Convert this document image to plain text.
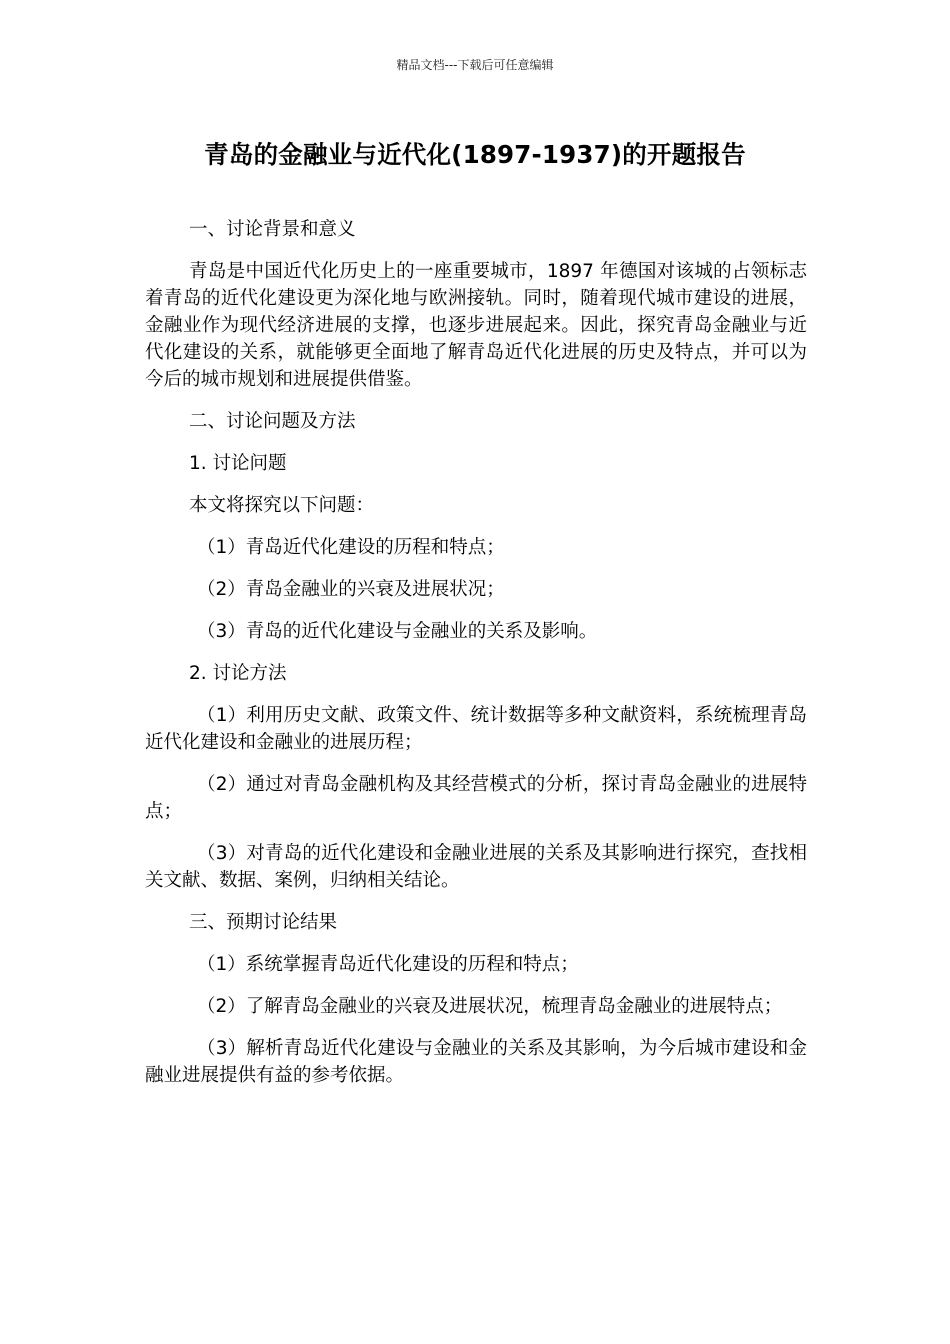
精品文档---下载后可任意编辑
青岛的金融业与近代化(1897-1937)的开题报告

一、讨论背景和意义

青岛是中国近代化历史上的一座重要城市，1897 年德国对该城的占领标志着青岛的近代化建设更为深化地与欧洲接轨。同时，随着现代城市建设的进展，金融业作为现代经济进展的支撑，也逐步进展起来。因此，探究青岛金融业与近代化建设的关系，就能够更全面地了解青岛近代化进展的历史及特点，并可以为今后的城市规划和进展提供借鉴。

二、讨论问题及方法

1. 讨论问题

本文将探究以下问题：

（1）青岛近代化建设的历程和特点；

（2）青岛金融业的兴衰及进展状况；

（3）青岛的近代化建设与金融业的关系及影响。

2. 讨论方法

（1）利用历史文献、政策文件、统计数据等多种文献资料，系统梳理青岛近代化建设和金融业的进展历程；

（2）通过对青岛金融机构及其经营模式的分析，探讨青岛金融业的进展特点；

（3）对青岛的近代化建设和金融业进展的关系及其影响进行探究，查找相关文献、数据、案例，归纳相关结论。

三、预期讨论结果

（1）系统掌握青岛近代化建设的历程和特点；

（2）了解青岛金融业的兴衰及进展状况，梳理青岛金融业的进展特点；

（3）解析青岛近代化建设与金融业的关系及其影响，为今后城市建设和金融业进展提供有益的参考依据。
